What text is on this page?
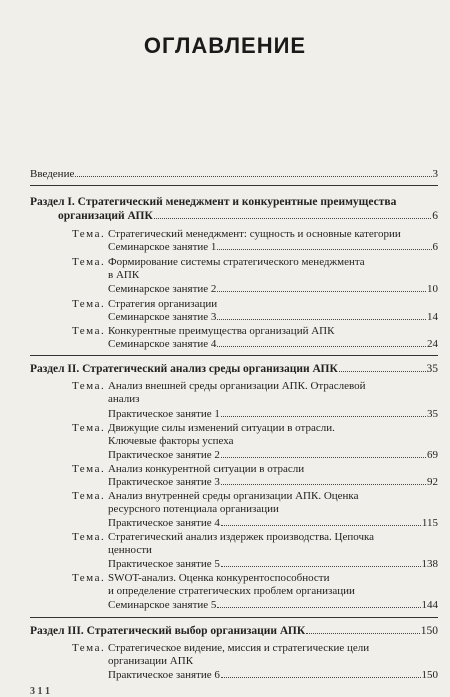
ОГЛАВЛЕНИЕ
Введение	3
Раздел I. Стратегический менеджмент и конкурентные преимущества
организаций АПК	6
Тема. Стратегический менеджмент: сущность и основные категории
Семинарское занятие 1	6
Тема. Формирование системы стратегического менеджмента
в АПК
Семинарское занятие 2	10
Тема. Стратегия организации
Семинарское занятие 3	14
Тема. Конкурентные преимущества организаций АПК
Семинарское занятие 4	24
Раздел II. Стратегический анализ среды организации АПК	35
Тема. Анализ внешней среды организации АПК. Отраслевой
анализ
Практическое занятие 1	35
Тема. Движущие силы изменений ситуации в отрасли.
Ключевые факторы успеха
Практическое занятие 2	69
Тема. Анализ конкурентной ситуации в отрасли
Практическое занятие 3	92
Тема. Анализ внутренней среды организации АПК. Оценка
ресурсного потенциала организации
Практическое занятие 4	115
Тема. Стратегический анализ издержек производства. Цепочка
ценности
Практическое занятие 5	138
Тема. SWOT-анализ. Оценка конкурентоспособности
и определение стратегических проблем организации
Семинарское занятие 5	144
Раздел III. Стратегический выбор организации АПК	150
Тема. Стратегическое видение, миссия и стратегические цели
организации АПК
Практическое занятие 6	150
3 1 1
